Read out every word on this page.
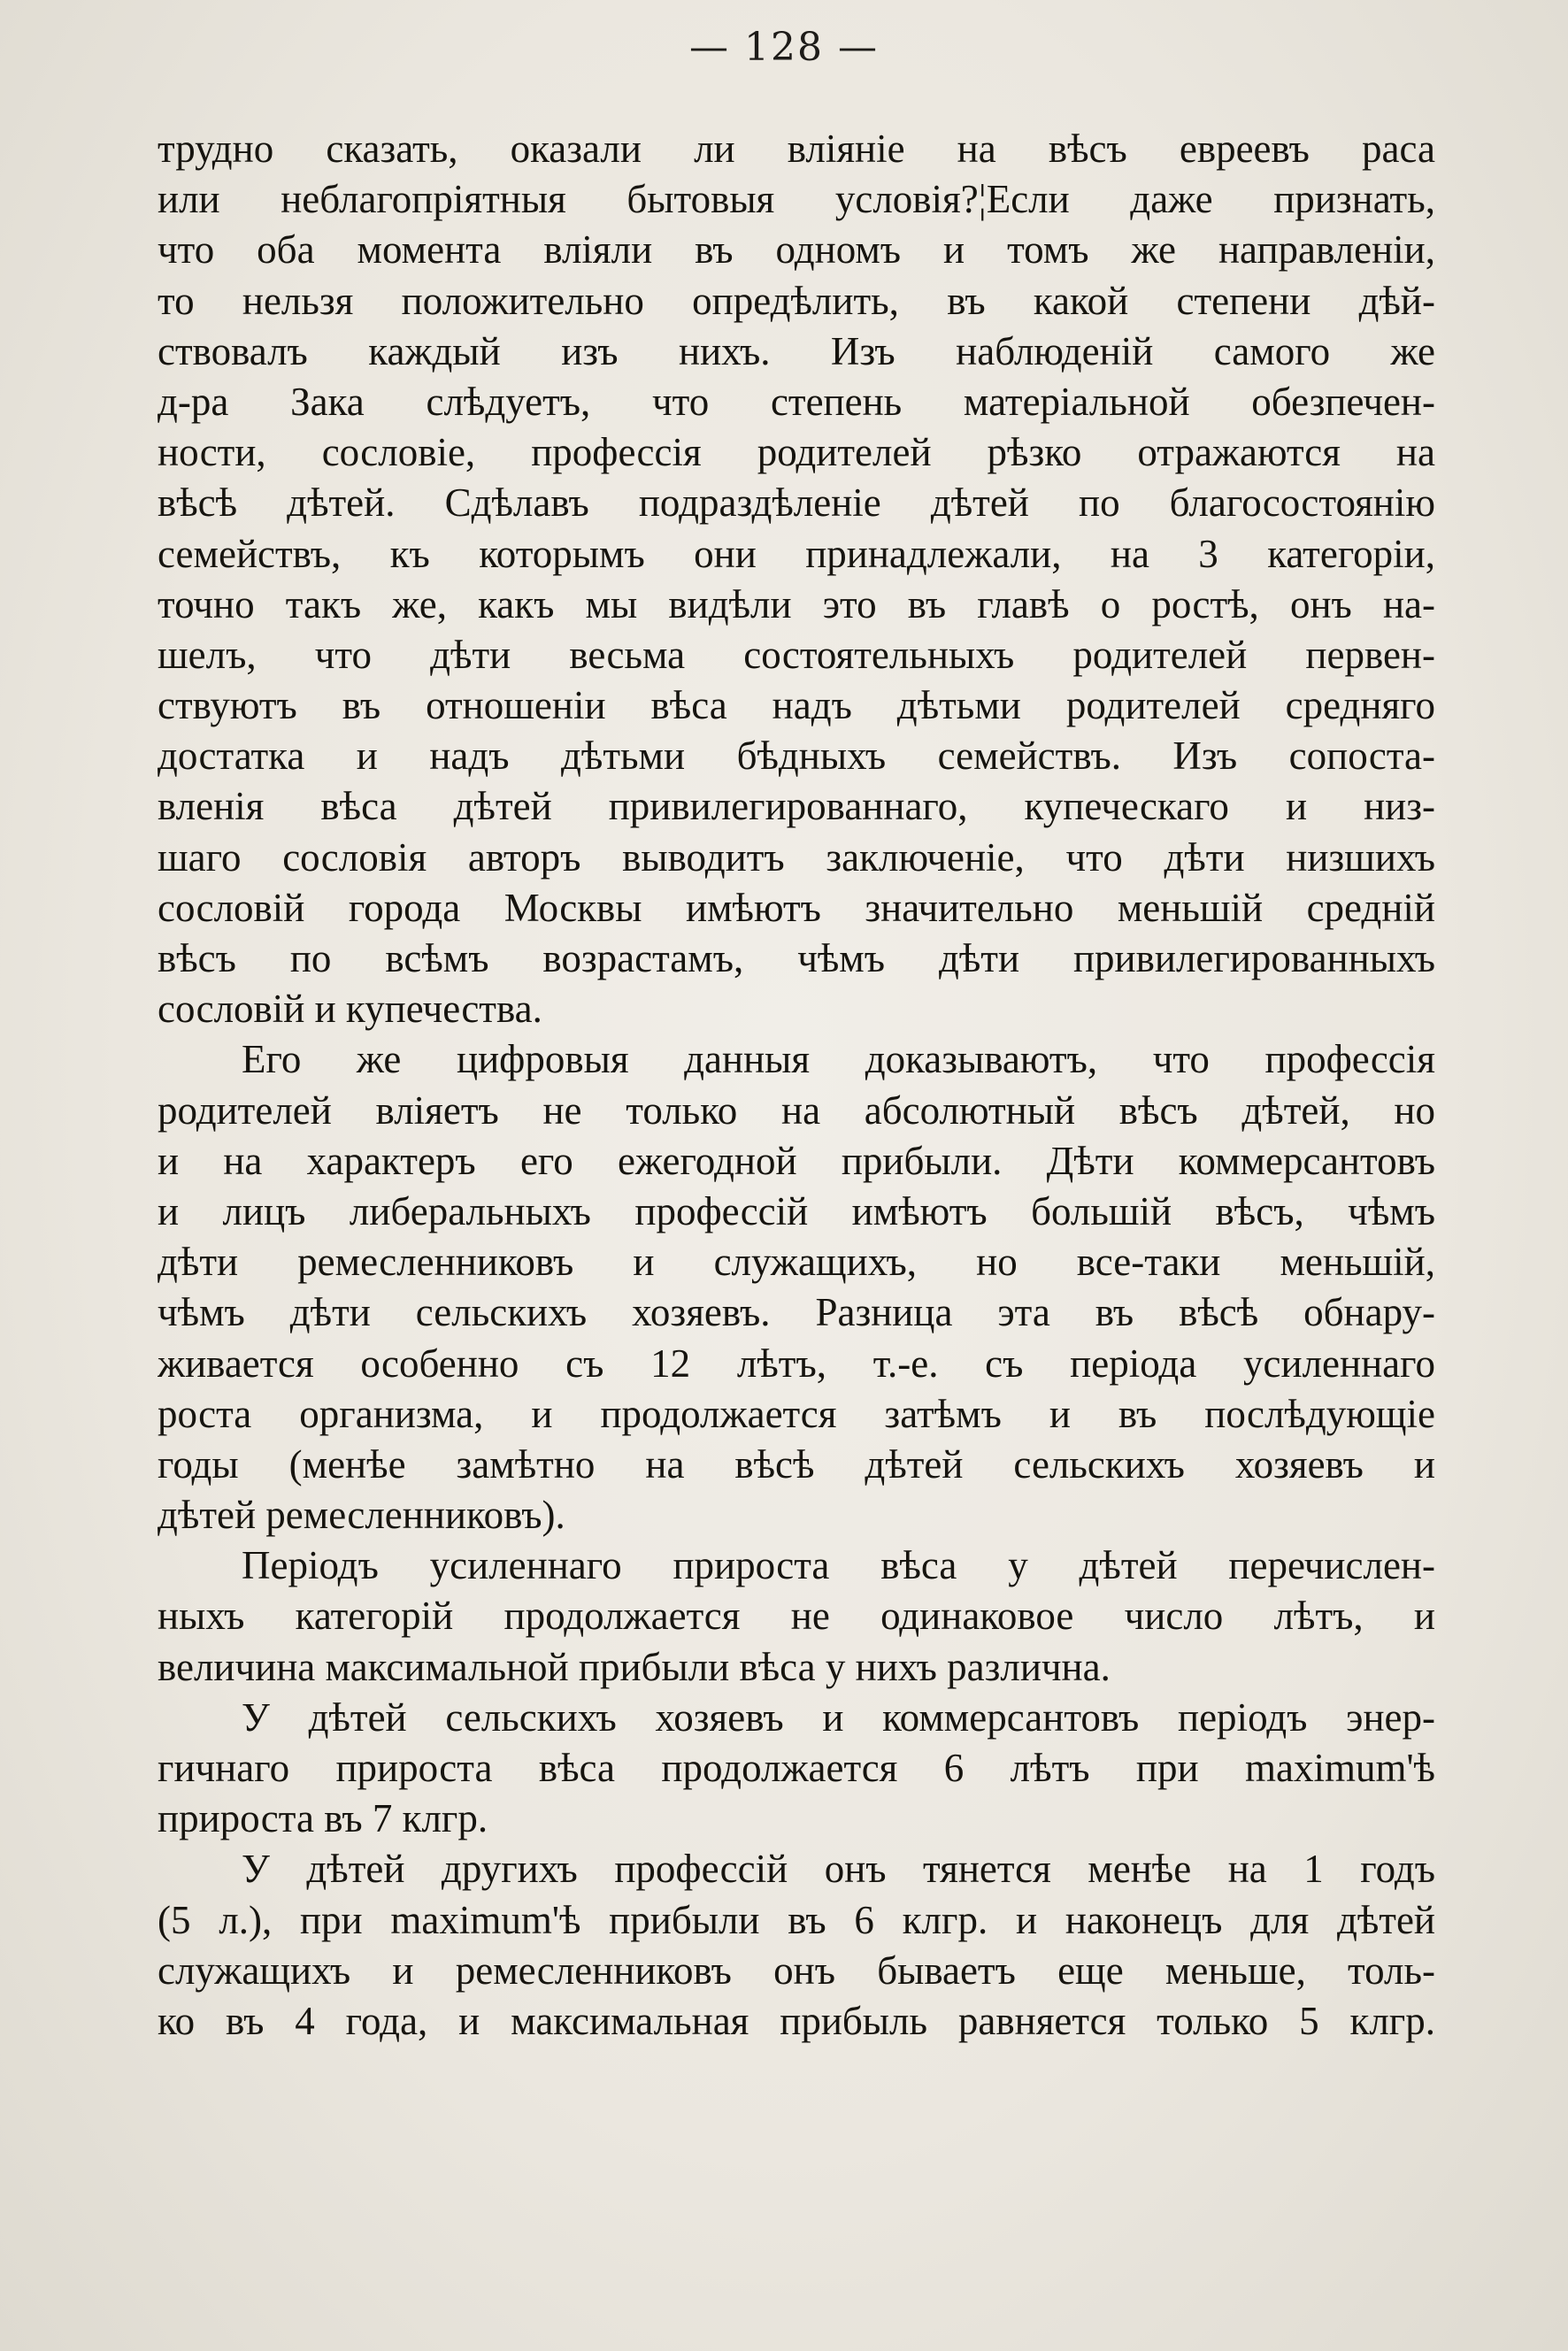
— 128 —

трудно сказать, оказали ли вліяніе на вѣсъ евреевъ раса
или неблагопріятныя бытовыя условія?¦Если даже признать,
что оба момента вліяли въ одномъ и томъ же направленіи,
то нельзя положительно опредѣлить, въ какой степени дѣй-
ствовалъ каждый изъ нихъ. Изъ наблюденій самого же
д-ра Зака слѣдуетъ, что степень матеріальной обезпечен-
ности, сословіе, профессія родителей рѣзко отражаются на
вѣсѣ дѣтей. Сдѣлавъ подраздѣленіе дѣтей по благосостоянію
семействъ, къ которымъ они принадлежали, на 3 категоріи,
точно такъ же, какъ мы видѣли это въ главѣ о ростѣ, онъ на-
шелъ, что дѣти весьма состоятельныхъ родителей первен-
ствуютъ въ отношеніи вѣса надъ дѣтьми родителей средняго
достатка и надъ дѣтьми бѣдныхъ семействъ. Изъ сопоста-
вленія вѣса дѣтей привилегированнаго, купеческаго и низ-
шаго сословія авторъ выводитъ заключеніе, что дѣти низшихъ
сословій города Москвы имѣютъ значительно меньшій средній
вѣсъ по всѣмъ возрастамъ, чѣмъ дѣти привилегированныхъ
сословій и купечества.

Его же цифровыя данныя доказываютъ, что профессія
родителей вліяетъ не только на абсолютный вѣсъ дѣтей, но
и на характеръ его ежегодной прибыли. Дѣти коммерсантовъ
и лицъ либеральныхъ профессій имѣютъ большій вѣсъ, чѣмъ
дѣти ремесленниковъ и служащихъ, но все-таки меньшій,
чѣмъ дѣти сельскихъ хозяевъ. Разница эта въ вѣсѣ обнару-
живается особенно съ 12 лѣтъ, т.-е. съ періода усиленнаго
роста организма, и продолжается затѣмъ и въ послѣдующіе
годы (менѣе замѣтно на вѣсѣ дѣтей сельскихъ хозяевъ и
дѣтей ремесленниковъ).

Періодъ усиленнаго прироста вѣса у дѣтей перечислен-
ныхъ категорій продолжается не одинаковое число лѣтъ, и
величина максимальной прибыли вѣса у нихъ различна.

У дѣтей сельскихъ хозяевъ и коммерсантовъ періодъ энер-
гичнаго прироста вѣса продолжается 6 лѣтъ при maximum'ѣ
прироста въ 7 клгр.

У дѣтей другихъ профессій онъ тянется менѣе на 1 годъ
(5 л.), при maximum'ѣ прибыли въ 6 клгр. и наконецъ для дѣтей
служащихъ и ремесленниковъ онъ бываетъ еще меньше, толь-
ко въ 4 года, и максимальная прибыль равняется только 5 клгр.
